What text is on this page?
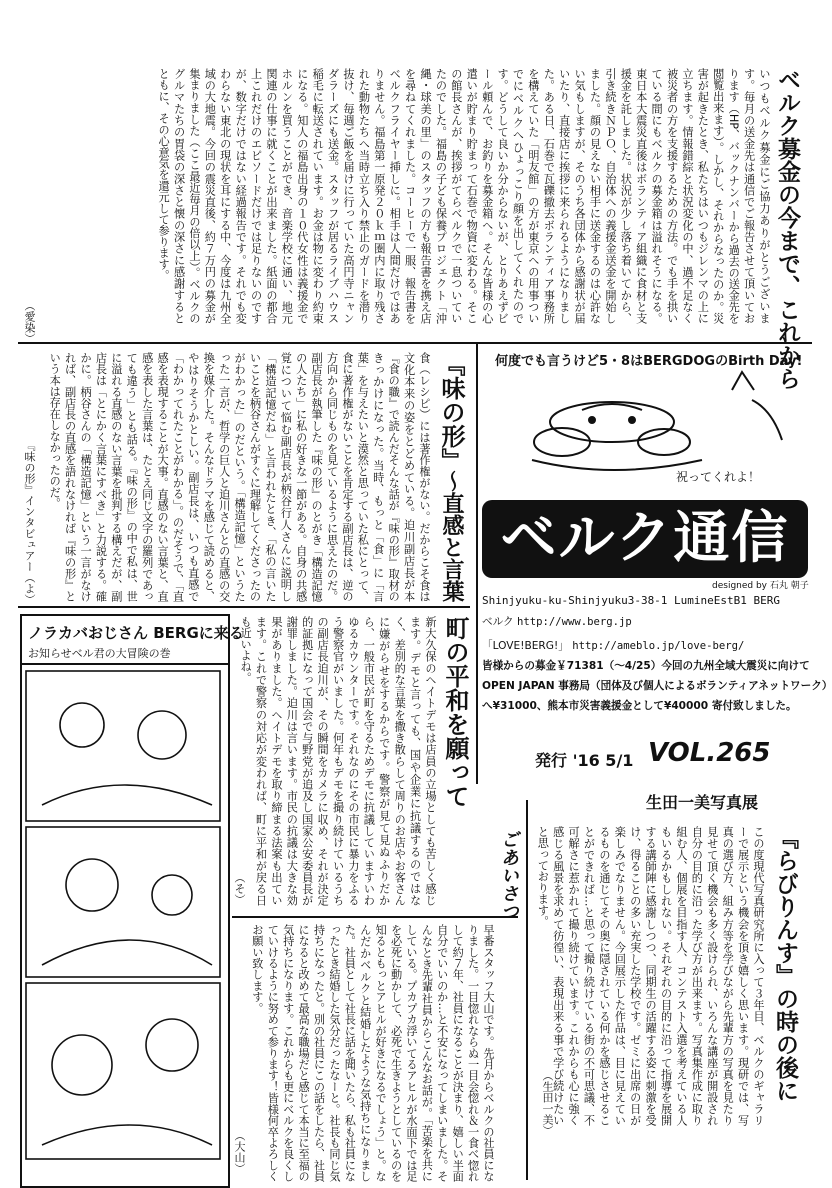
ベルク募金の今まで、これから
いつもベルク募金にご協力ありがとうございます。毎月の送金先は通信でご報告させて頂いております（HP、バックナンバーから過去の送金先を閲覧出来ます）。しかし、それからなったのか。災害が起きたとき、私たちはいつもジレンマの上に立ちます。情報錯綜と状況変化の中、過不足なく被災者の方を支援するための方法。でも手を拱いている間にもベルクの募金箱は溢れそうになる。東日本大震災直後はボランティア組織に食材と支援金を託しました。状況が少し落ち着いてから、引き続きＮＰＯ、自治体への義援金送金を開始しました。顔の見えない相手に送金するのは心許ない気もしますが、そのうち各団体から感謝状が届いたり、直接店に挨拶に来られるようになりました。ある日、石巻で瓦礫撤去ボランティア事務所を構えていた「明友館」の方が東京への用事ついでにベルクへひょっこり顔を出してくれたのです。どうして良いか分からないが、とりあえずビール頼んで、お釣りを募金箱へ。そんな皆様の心遣いが貯まり貯まって石巻で物資に変わる。そこの館長さんが、挨拶がてらベルクで一息ついていたのでした。福島の子ども保養プロジェクト「沖縄・球美の里」のスタッフの方も報告書を携え店を尋ねてくれました。コーヒーで一服、報告書をベルクフライヤー挿しに。相手は人間だけではありません。福島第一原発２０ｋｍ圏内に取り残された動物たちへ当時立ち入り禁止のガードを潜り抜け、毎週ご飯を届けに行っていた高円寺ニャンダラーズにも送金。スタッフが居るライブハウス稲毛に転送されています。お金は物に変わり約束になる。知人の福島出身の１０代女性は義援金でホルンを買うことができ、音楽学校に通い、地元関連の仕事に就くことが出来ました。紙面の都合上これだけのエピソードだけでは足りないのですが、数字だけではない経過報告です。それでも変わらない東北の現状を耳にする中、今度は九州全域の大地震。今回の震災直後、約７万円の募金が集まりました（ここ最近毎月の倍以上）。ベルクのグルマたちの胃袋の深さと懐の深さに感謝するとともに、その心意気を還元して参ります。
（愛染）
『味の形』
〜直感と言葉
食（レシピ）には著作権がない。だからこそ食は文化本来の姿をとどめている。迫川副店長が本『食の職』で読んだそんな話が『味の形』取材のきっかけになった。当時、もっと「食」に「言葉」を与えたいと漠然と思っていた私にとって、食に著作権がないことを肯定する副店長は、逆の方向から同じものを見ているように思えたのだ。副店長が執筆した『味の形』のとがき「構造記憶の人たち」に私の好きな一節がある。自身の共感覚について悩む副店長が柄谷行人さんに説明し「構造記憶だね」と言われたとき、「私の言いたいことを柄谷さんがすぐに理解してくださったのがわかった」のだという。「構造記憶」というたった一言が、哲学の巨人と迫川さんとの直感の交換を媒介した。そんなドラマを感じて読めると、やはりそうかとしい。副店長は、いつも直感で「わかってれたことがわかる」。のだそうで、「直感を表現することが大事。直感のない言葉と、直感を表した言葉は、たとえ同じ文字の羅列であっても違う」とも話る。『味の形』の中で私は、世に溢れる直感のない言葉を批判する構えだが、副店長は「とにかく言葉にすべき」と力説する。確かに。柄谷さんの「構造記憶」という一言がなければ、副店長の直感を語れなければ『味の形』という本は存在しなかったのだ。
『味の形』インタビュアー（よ）
何度でも言うけど5・8はBERGDOGのBirth Day!
祝ってくれよ！
ベルク通信
designed by 石丸 朝子
Shinjyuku-ku-Shinjyuku3-38-1 LumineEstB1 BERG
ベルク http://www.berg.jp
「LOVE!BERG!」 http://ameblo.jp/love-berg/
皆様からの募金￥71381（〜4/25）今回の九州全域大震災に向けて
OPEN JAPAN 事務局（団体及び個人によるボランティアネットワーク）
へ¥31000、熊本市災害義援金として¥40000 寄付致しました。
発行 '16 5/1 VOL.265
ノラカバおじさん BERGに来る
お知らせベル君の大冒険の巻	町の平和を願って
新大久保のヘイトデモは店員の立場としても苦しく感じます。デモと言っても、国や企業に抗議するのではなく、差別的な言葉を撒き散らして周りのお店やお客さんに嫌がらせをするからです。警察が見て見ぬふりだから、一般市民が町を守るためデモに抗議していますいわゆるカウンターです。それなのにその市民に暴力をふるう警察官がいました。何年もデモを撮り続けているうちの副店長迫川が、その瞬間をカメラに収め、それが決定的証拠になって国会で与野党が追及し国家公安委員長が謝罪しました。迫川は言います。市民の抗議は大きな効果がありました。ヘイトデモを取り締まる法案も出ています。これで警察の対応が変われば、町に平和が戻る日も近いよね。
（そ）
生田一美写真展
『らびりんす』の時の後に
この度現代写真研究所に入って３年目、ベルクのギャラリーで展示という機会を頂き嬉しく思います。現研では、写真の選び方、組み方等を学びながら先輩方の写真を見たり見せて頂く機会も多く設けられ、いろんな講座が開設され自分の目的に沿った学び方が出来ます。写真集作成に取り組む人、個展を目指す人、コンテスト入選を考えている人もいるかもしれない。それぞれの目的に沿って指導を展開する講師陣に感謝しつつ、同期生の活躍する姿に刺激を受け、得ることの多い充実した学校です。ゼミに出席の日が楽しみでなりません。今回展示した作品は、目に見えているものを通じてその奥に隠されている何かを感じさせることができれば…と思って撮り続けている街の不可思議、不可解さに惹かれて撮り続けています。これからも心に強く感じる風景を求めて彷徨い、表現出来る事で学び続けたいと思っております。
（生田一美）
ごあいさつ
早番スタッフ大山です。先月からベルクの社員になりました。一目惚れならぬ一目会惚れ＆一食べ惚れして約７年、社員になることが決まり、嬉しい半面自分でいいのか…と不安になってしまいました。そんなとき先輩社員からこんなお話が。「苦楽を共にしている。プカプカ浮いてるアヒルが水面下では足を必死に動かして、必死で生きようとしているのを知るともっとアヒルが好きになるでしょう」と。なんだかベルクと結婚したような気持ちになりました。社員として社長に話を聞いたら、私も社員になったとき結婚した気分だったなーと。社長も同じ気持ちになったと。別の社員にこの話をしたら、社員になると改めて最高な職場だと感じて本当に至福の気持ちになります。これからも更にベルクを良くしていけるように努めて参ります！皆様何卒よろしくお願い致します。
（大山）
